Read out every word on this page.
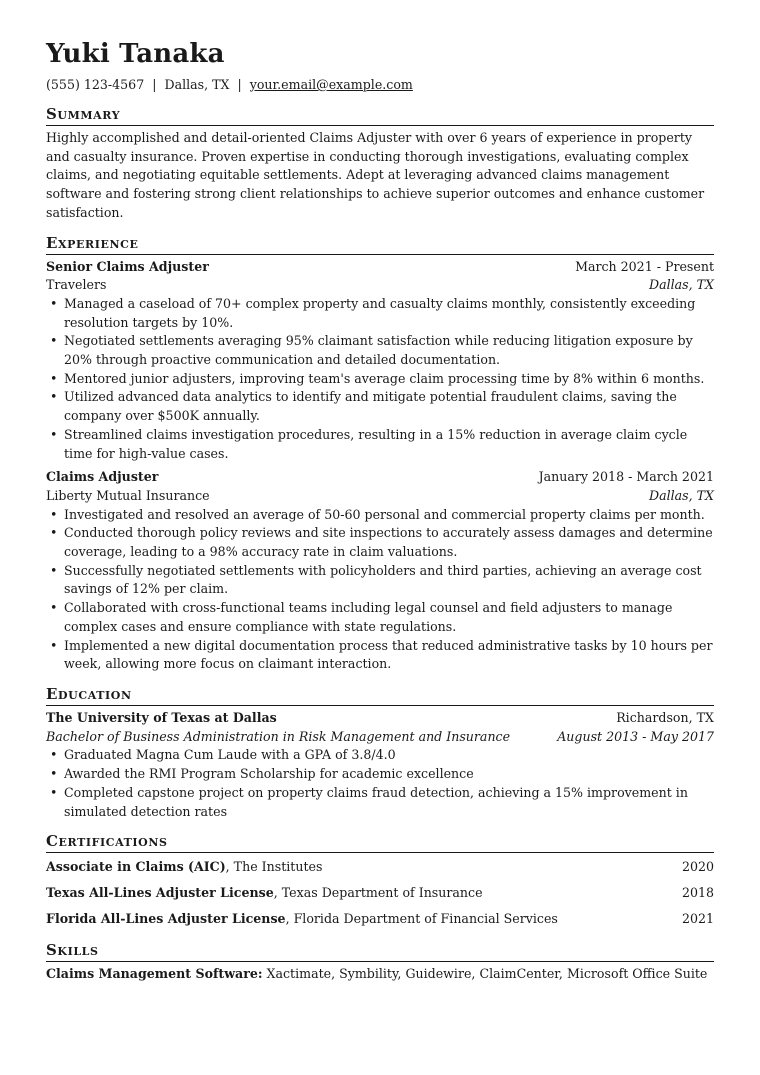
Yuki Tanaka
(555) 123-4567 | Dallas, TX | your.email@example.com
Summary

Highly accomplished and detail-oriented Claims Adjuster with over 6 years of experience in property and casualty insurance. Proven expertise in conducting thorough investigations, evaluating complex claims, and negotiating equitable settlements. Adept at leveraging advanced claims management software and fostering strong client relationships to achieve superior outcomes and enhance customer satisfaction.

Experience
Senior Claims Adjuster	March 2021 - Present
Travelers	Dallas, TX
• Managed a caseload of 70+ complex property and casualty claims monthly, consistently exceeding resolution targets by 10%.
• Negotiated settlements averaging 95% claimant satisfaction while reducing litigation exposure by 20% through proactive communication and detailed documentation.
• Mentored junior adjusters, improving team's average claim processing time by 8% within 6 months.
• Utilized advanced data analytics to identify and mitigate potential fraudulent claims, saving the company over $500K annually.
• Streamlined claims investigation procedures, resulting in a 15% reduction in average claim cycle time for high-value cases.
Claims Adjuster	January 2018 - March 2021
Liberty Mutual Insurance	Dallas, TX
• Investigated and resolved an average of 50-60 personal and commercial property claims per month.
• Conducted thorough policy reviews and site inspections to accurately assess damages and determine coverage, leading to a 98% accuracy rate in claim valuations.
• Successfully negotiated settlements with policyholders and third parties, achieving an average cost savings of 12% per claim.
• Collaborated with cross-functional teams including legal counsel and field adjusters to manage complex cases and ensure compliance with state regulations.
• Implemented a new digital documentation process that reduced administrative tasks by 10 hours per week, allowing more focus on claimant interaction.
Education
The University of Texas at Dallas	Richardson, TX
Bachelor of Business Administration in Risk Management and Insurance	August 2013 - May 2017
• Graduated Magna Cum Laude with a GPA of 3.8/4.0
• Awarded the RMI Program Scholarship for academic excellence
• Completed capstone project on property claims fraud detection, achieving a 15% improvement in simulated detection rates
Certifications
Associate in Claims (AIC), The Institutes	2020
Texas All-Lines Adjuster License, Texas Department of Insurance	2018
Florida All-Lines Adjuster License, Florida Department of Financial Services	2021
Skills
Claims Management Software: Xactimate, Symbility, Guidewire, ClaimCenter, Microsoft Office Suite
